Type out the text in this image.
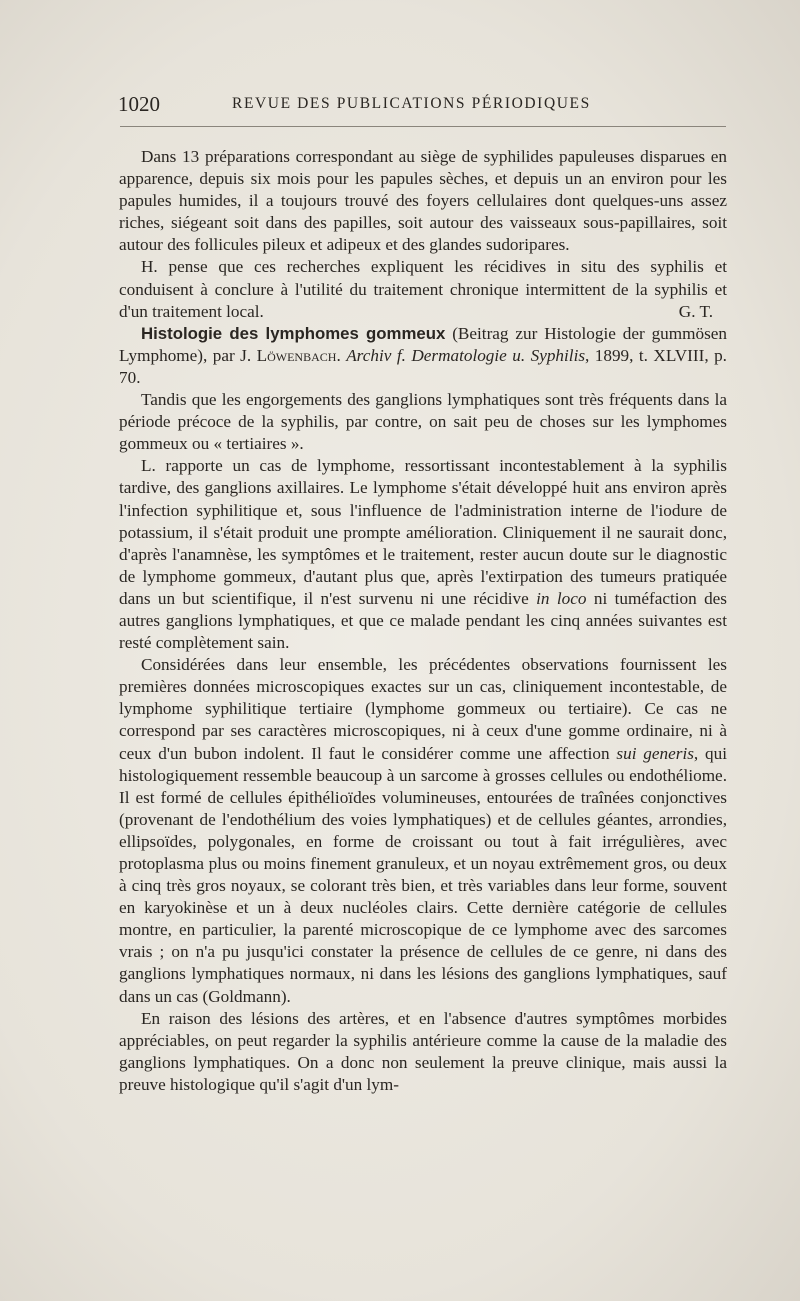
1020	REVUE DES PUBLICATIONS PÉRIODIQUES

Dans 13 préparations correspondant au siège de syphilides papuleuses disparues en apparence, depuis six mois pour les papules sèches, et depuis un an environ pour les papules humides, il a toujours trouvé des foyers cellulaires dont quelques-uns assez riches, siégeant soit dans des papilles, soit autour des vaisseaux sous-papillaires, soit autour des follicules pileux et adipeux et des glandes sudoripares.

H. pense que ces recherches expliquent les récidives in situ des syphilis et conduisent à conclure à l'utilité du traitement chronique intermittent de la syphilis et d'un traitement local.	G. T.

Histologie des lymphomes gommeux (Beitrag zur Histologie der gummösen Lymphome), par J. Löwenbach. Archiv f. Dermatologie u. Syphilis, 1899, t. XLVIII, p. 70.

Tandis que les engorgements des ganglions lymphatiques sont très fréquents dans la période précoce de la syphilis, par contre, on sait peu de choses sur les lymphomes gommeux ou « tertiaires ».

L. rapporte un cas de lymphome, ressortissant incontestablement à la syphilis tardive, des ganglions axillaires. Le lymphome s'était développé huit ans environ après l'infection syphilitique et, sous l'influence de l'administration interne de l'iodure de potassium, il s'était produit une prompte amélioration. Cliniquement il ne saurait donc, d'après l'anamnèse, les symptômes et le traitement, rester aucun doute sur le diagnostic de lymphome gommeux, d'autant plus que, après l'extirpation des tumeurs pratiquée dans un but scientifique, il n'est survenu ni une récidive in loco ni tuméfaction des autres ganglions lymphatiques, et que ce malade pendant les cinq années suivantes est resté complètement sain.

Considérées dans leur ensemble, les précédentes observations fournissent les premières données microscopiques exactes sur un cas, cliniquement incontestable, de lymphome syphilitique tertiaire (lymphome gommeux ou tertiaire). Ce cas ne correspond par ses caractères microscopiques, ni à ceux d'une gomme ordinaire, ni à ceux d'un bubon indolent. Il faut le considérer comme une affection sui generis, qui histologiquement ressemble beaucoup à un sarcome à grosses cellules ou endothéliome. Il est formé de cellules épithélioïdes volumineuses, entourées de traînées conjonctives (provenant de l'endothélium des voies lymphatiques) et de cellules géantes, arrondies, ellipsoïdes, polygonales, en forme de croissant ou tout à fait irrégulières, avec protoplasma plus ou moins finement granuleux, et un noyau extrêmement gros, ou deux à cinq très gros noyaux, se colorant très bien, et très variables dans leur forme, souvent en karyokinèse et un à deux nucléoles clairs. Cette dernière catégorie de cellules montre, en particulier, la parenté microscopique de ce lymphome avec des sarcomes vrais ; on n'a pu jusqu'ici constater la présence de cellules de ce genre, ni dans des ganglions lymphatiques normaux, ni dans les lésions des ganglions lymphatiques, sauf dans un cas (Goldmann).

En raison des lésions des artères, et en l'absence d'autres symptômes morbides appréciables, on peut regarder la syphilis antérieure comme la cause de la maladie des ganglions lymphatiques. On a donc non seulement la preuve clinique, mais aussi la preuve histologique qu'il s'agit d'un lym-
